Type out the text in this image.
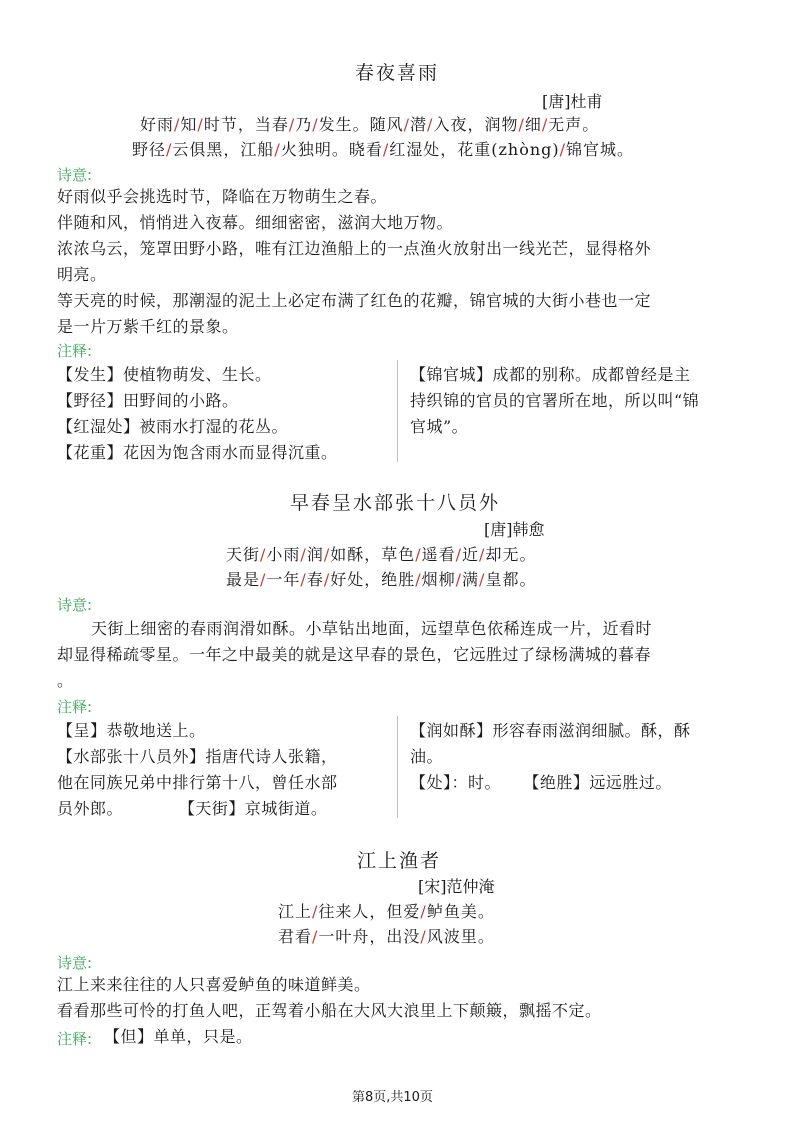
春夜喜雨
[唐]杜甫
好雨/知/时节，当春/乃/发生。随风/潜/入夜，润物/细/无声。
野径/云俱黑，江船/火独明。晓看/红湿处，花重(zhòng)/锦官城。
诗意:
好雨似乎会挑选时节，降临在万物萌生之春。
伴随和风，悄悄进入夜幕。细细密密，滋润大地万物。
浓浓乌云，笼罩田野小路，唯有江边渔船上的一点渔火放射出一线光芒，显得格外
明亮。
等天亮的时候，那潮湿的泥土上必定布满了红色的花瓣，锦官城的大街小巷也一定
是一片万紫千红的景象。
注释:
【发生】使植物萌发、生长。
【野径】田野间的小路。
【红湿处】被雨水打湿的花丛。
【花重】花因为饱含雨水而显得沉重。
【锦官城】成都的别称。成都曾经是主
持织锦的官员的官署所在地，所以叫“锦
官城”。
早春呈水部张十八员外
[唐]韩愈
天街/小雨/润/如酥，草色/遥看/近/却无。
最是/一年/春/好处，绝胜/烟柳/满/皇都。
诗意:
天街上细密的春雨润滑如酥。小草钻出地面，远望草色依稀连成一片，近看时
却显得稀疏零星。一年之中最美的就是这早春的景色，它远胜过了绿杨满城的暮春
。
注释:
【呈】恭敬地送上。
【水部张十八员外】指唐代诗人张籍，
他在同族兄弟中排行第十八，曾任水部
员外郎。          【天街】京城街道。
【润如酥】形容春雨滋润细腻。酥，酥
油。
【处】：时。    【绝胜】远远胜过。
江上渔者
[宋]范仲淹
江上/往来人，但爱/鲈鱼美。
君看/一叶舟，出没/风波里。
诗意:
江上来来往往的人只喜爱鲈鱼的味道鲜美。
看看那些可怜的打鱼人吧，正驾着小船在大风大浪里上下颠簸，飘摇不定。
注释: 【但】单单，只是。
第8页,共10页
